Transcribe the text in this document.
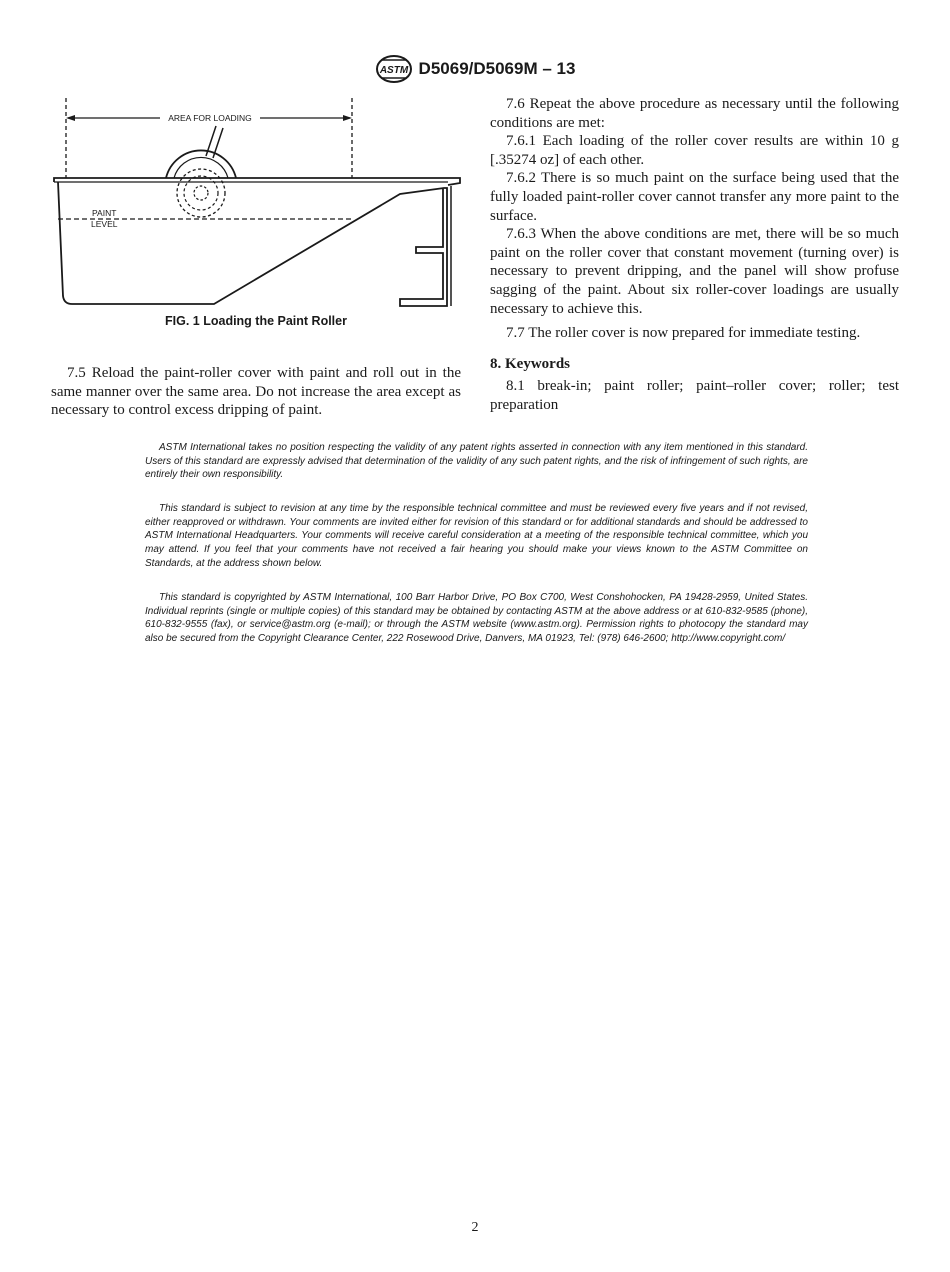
ASTM D5069/D5069M – 13
AREA FOR LOADING
PAINT
LEVEL
FIG. 1 Loading the Paint Roller

7.5 Reload the paint-roller cover with paint and roll out in the same manner over the same area. Do not increase the area except as necessary to control excess dripping of paint.

7.6 Repeat the above procedure as necessary until the following conditions are met:

7.6.1 Each loading of the roller cover results are within 10 g [.35274 oz] of each other.

7.6.2 There is so much paint on the surface being used that the fully loaded paint-roller cover cannot transfer any more paint to the surface.

7.6.3 When the above conditions are met, there will be so much paint on the roller cover that constant movement (turning over) is necessary to prevent dripping, and the panel will show profuse sagging of the paint. About six roller-cover loadings are usually necessary to achieve this.

7.7 The roller cover is now prepared for immediate testing.

8. Keywords

8.1 break-in; paint roller; paint–roller cover; roller; test preparation

ASTM International takes no position respecting the validity of any patent rights asserted in connection with any item mentioned in this standard. Users of this standard are expressly advised that determination of the validity of any such patent rights, and the risk of infringement of such rights, are entirely their own responsibility.

This standard is subject to revision at any time by the responsible technical committee and must be reviewed every five years and if not revised, either reapproved or withdrawn. Your comments are invited either for revision of this standard or for additional standards and should be addressed to ASTM International Headquarters. Your comments will receive careful consideration at a meeting of the responsible technical committee, which you may attend. If you feel that your comments have not received a fair hearing you should make your views known to the ASTM Committee on Standards, at the address shown below.

This standard is copyrighted by ASTM International, 100 Barr Harbor Drive, PO Box C700, West Conshohocken, PA 19428-2959, United States. Individual reprints (single or multiple copies) of this standard may be obtained by contacting ASTM at the above address or at 610-832-9585 (phone), 610-832-9555 (fax), or service@astm.org (e-mail); or through the ASTM website (www.astm.org). Permission rights to photocopy the standard may also be secured from the Copyright Clearance Center, 222 Rosewood Drive, Danvers, MA 01923, Tel: (978) 646-2600; http://www.copyright.com/

2
